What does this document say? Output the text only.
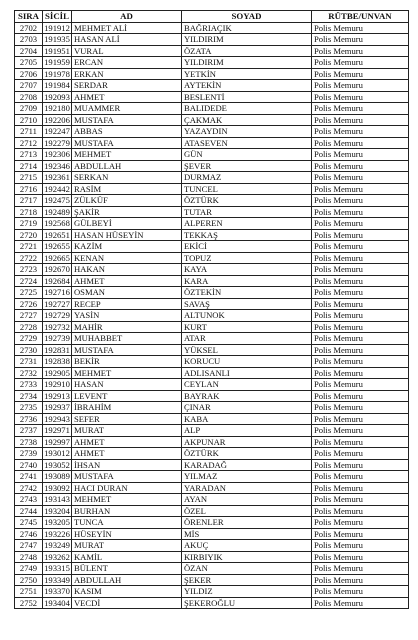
SIRA	SİCİL	AD	SOYAD	RÜTBE/UNVAN
2702	191912	MEHMET ALİ	BAĞRIAÇIK	Polis Memuru
2703	191935	HASAN ALİ	YILDIRIM	Polis Memuru
2704	191951	VURAL	ÖZATA	Polis Memuru
2705	191959	ERCAN	YILDIRIM	Polis Memuru
2706	191978	ERKAN	YETKİN	Polis Memuru
2707	191984	SERDAR	AYTEKİN	Polis Memuru
2708	192093	AHMET	BESLENTİ	Polis Memuru
2709	192180	MUAMMER	BALIDEDE	Polis Memuru
2710	192206	MUSTAFA	ÇAKMAK	Polis Memuru
2711	192247	ABBAS	YAZAYDIN	Polis Memuru
2712	192279	MUSTAFA	ATASEVEN	Polis Memuru
2713	192306	MEHMET	GÜN	Polis Memuru
2714	192346	ABDULLAH	ŞEVER	Polis Memuru
2715	192361	SERKAN	DURMAZ	Polis Memuru
2716	192442	RASİM	TUNCEL	Polis Memuru
2717	192475	ZÜLKÜF	ÖZTÜRK	Polis Memuru
2718	192489	ŞAKİR	TUTAR	Polis Memuru
2719	192568	GÜLBEYİ	ALPEREN	Polis Memuru
2720	192651	HASAN HÜSEYİN	TEKKAŞ	Polis Memuru
2721	192655	KAZİM	EKİCİ	Polis Memuru
2722	192665	KENAN	TOPUZ	Polis Memuru
2723	192670	HAKAN	KAYA	Polis Memuru
2724	192684	AHMET	KARA	Polis Memuru
2725	192716	OSMAN	ÖZTEKİN	Polis Memuru
2726	192727	RECEP	SAVAŞ	Polis Memuru
2727	192729	YASİN	ALTUNOK	Polis Memuru
2728	192732	MAHİR	KURT	Polis Memuru
2729	192739	MUHABBET	ATAR	Polis Memuru
2730	192831	MUSTAFA	YÜKSEL	Polis Memuru
2731	192838	BEKİR	KORUCU	Polis Memuru
2732	192905	MEHMET	ADLISANLI	Polis Memuru
2733	192910	HASAN	CEYLAN	Polis Memuru
2734	192913	LEVENT	BAYRAK	Polis Memuru
2735	192937	İBRAHİM	ÇINAR	Polis Memuru
2736	192943	SEFER	KABA	Polis Memuru
2737	192971	MURAT	ALP	Polis Memuru
2738	192997	AHMET	AKPUNAR	Polis Memuru
2739	193012	AHMET	ÖZTÜRK	Polis Memuru
2740	193052	İHSAN	KARADAĞ	Polis Memuru
2741	193089	MUSTAFA	YILMAZ	Polis Memuru
2742	193092	HACI DURAN	YARADAN	Polis Memuru
2743	193143	MEHMET	AYAN	Polis Memuru
2744	193204	BURHAN	ÖZEL	Polis Memuru
2745	193205	TUNCA	ÖRENLER	Polis Memuru
2746	193226	HÜSEYİN	MİS	Polis Memuru
2747	193249	MURAT	AKUÇ	Polis Memuru
2748	193262	KAMİL	KIRBIYIK	Polis Memuru
2749	193315	BÜLENT	ÖZAN	Polis Memuru
2750	193349	ABDULLAH	ŞEKER	Polis Memuru
2751	193370	KASIM	YILDIZ	Polis Memuru
2752	193404	VECDİ	ŞEKEROĞLU	Polis Memuru
